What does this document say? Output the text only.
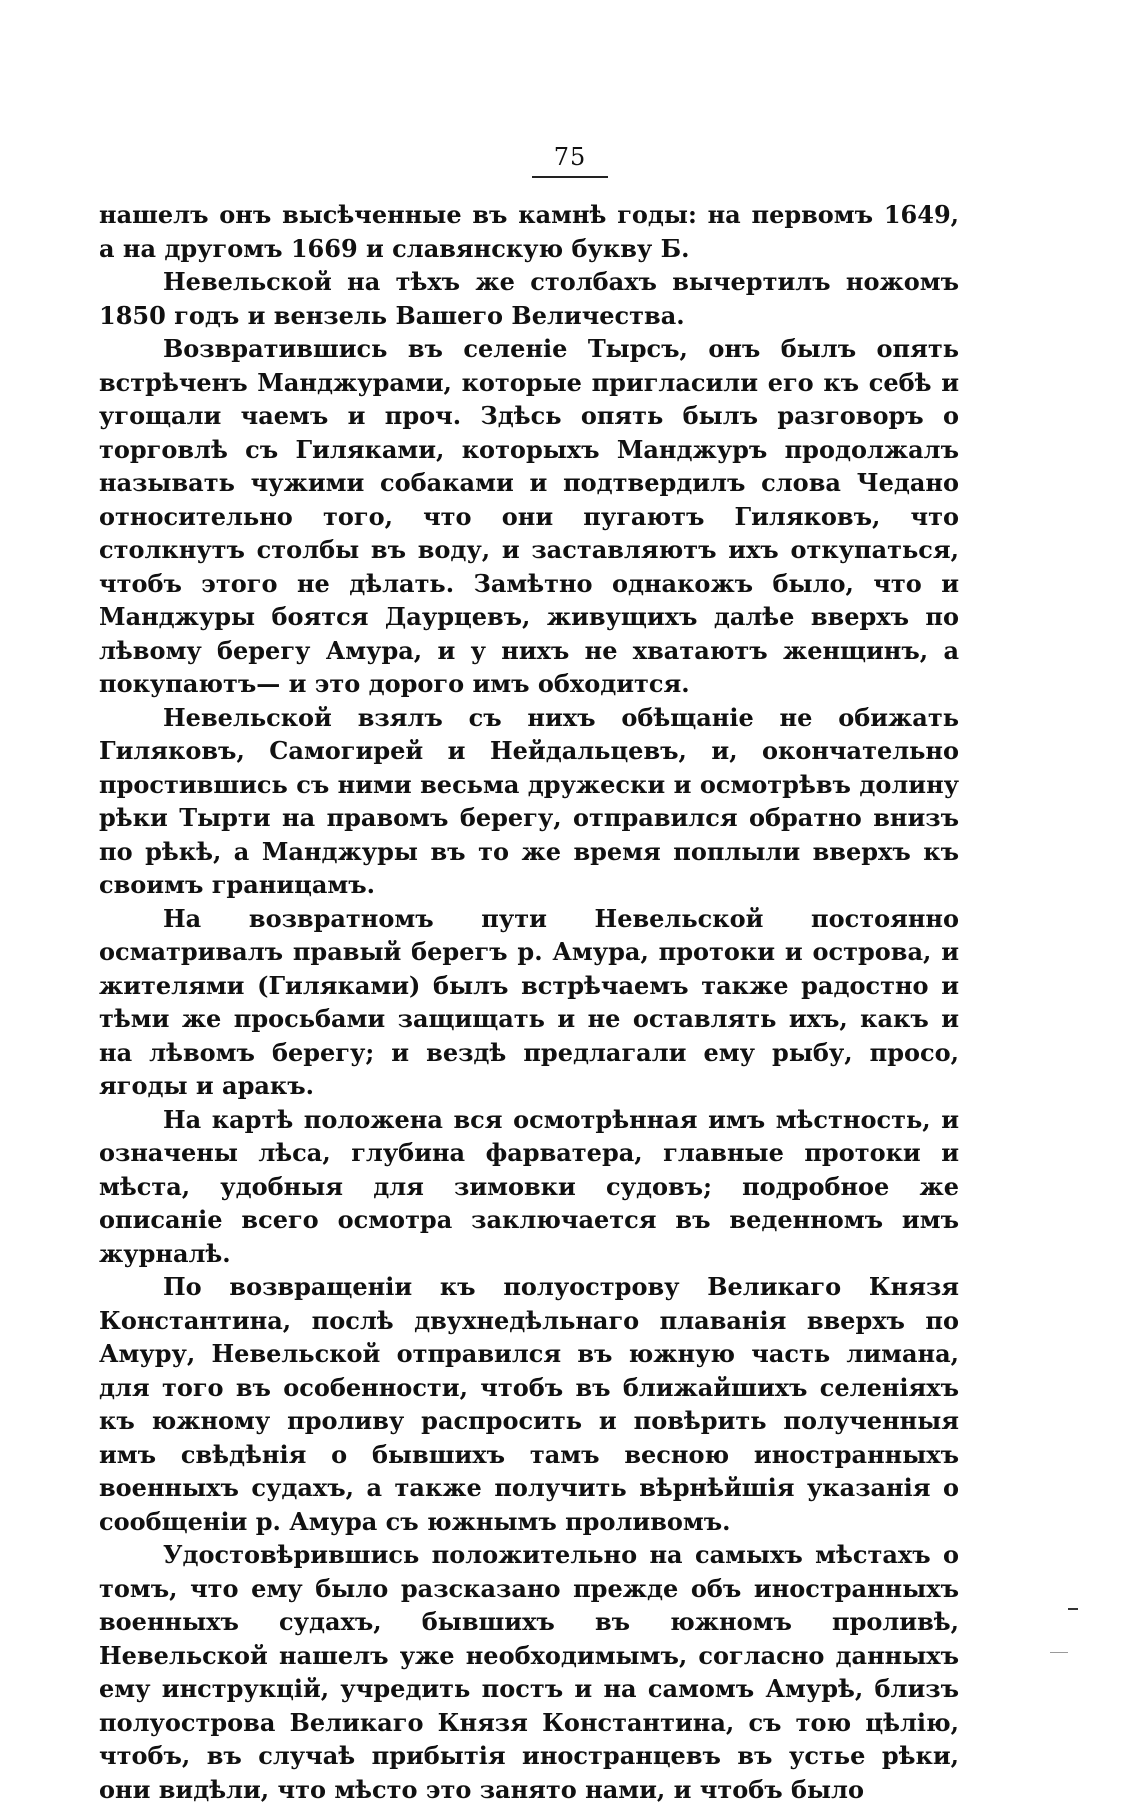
75

нашелъ онъ высѣченные въ камнѣ годы: на первомъ 1649, а на другомъ 1669 и славянскую букву Б.

Невельской на тѣхъ же столбахъ вычертилъ ножомъ 1850 годъ и вензель Вашего Величества.

Возвратившись въ селеніе Тырсъ, онъ былъ опять встрѣченъ Манджурами, которые пригласили его къ себѣ и угощали чаемъ и проч. Здѣсь опять былъ разговоръ о торговлѣ съ Гиляками, которыхъ Манджуръ продолжалъ называть чужими собаками и подтвердилъ слова Чедано относительно того, что они пугаютъ Гиляковъ, что столкнутъ столбы въ воду, и заставляютъ ихъ откупаться, чтобъ этого не дѣлать. Замѣтно однакожъ было, что и Манджуры боятся Даурцевъ, живущихъ далѣе вверхъ по лѣвому берегу Амура, и у нихъ не хватаютъ женщинъ, а покупаютъ— и это дорого имъ обходится.

Невельской взялъ съ нихъ обѣщаніе не обижать Гиляковъ, Самогирей и Нейдальцевъ, и, окончательно простившись съ ними весьма дружески и осмотрѣвъ долину рѣки Тырти на правомъ берегу, отправился обратно внизъ по рѣкѣ, а Манджуры въ то же время поплыли вверхъ къ своимъ границамъ.

На возвратномъ пути Невельской постоянно осматривалъ правый берегъ р. Амура, протоки и острова, и жителями (Гиляками) былъ встрѣчаемъ также радостно и тѣми же просьбами защищать и не оставлять ихъ, какъ и на лѣвомъ берегу; и вездѣ предлагали ему рыбу, просо, ягоды и аракъ.

На картѣ положена вся осмотрѣнная имъ мѣстность, и означены лѣса, глубина фарватера, главные протоки и мѣста, удобныя для зимовки судовъ; подробное же описаніе всего осмотра заключается въ веденномъ имъ журналѣ.

По возвращеніи къ полуострову Великаго Князя Константина, послѣ двухнедѣльнаго плаванія вверхъ по Амуру, Невельской отправился въ южную часть лимана, для того въ особенности, чтобъ въ ближайшихъ селеніяхъ къ южному проливу распросить и повѣрить полученныя имъ свѣдѣнія о бывшихъ тамъ весною иностранныхъ военныхъ судахъ, а также получить вѣрнѣйшія указанія о сообщеніи р. Амура съ южнымъ проливомъ.

Удостовѣрившись положительно на самыхъ мѣстахъ о томъ, что ему было разсказано прежде объ иностранныхъ военныхъ судахъ, бывшихъ въ южномъ проливѣ, Невельской нашелъ уже необходимымъ, согласно данныхъ ему инструкцій, учредить постъ и на самомъ Амурѣ, близъ полуострова Великаго Князя Константина, съ тою цѣлію, чтобъ, въ случаѣ прибытія иностранцевъ въ устье рѣки, они видѣли, что мѣсто это занято нами, и чтобъ было
